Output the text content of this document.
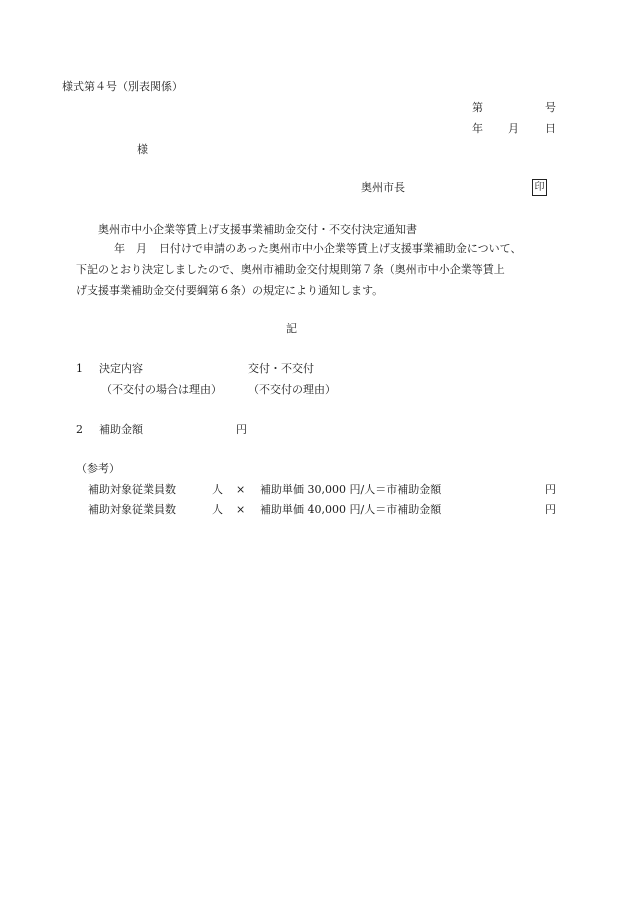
様式第４号（別表関係）
第	号
年 月 日
様
奥州市長	印
奥州市中小企業等賃上げ支援事業補助金交付・不交付決定通知書
年 月 日付けで申請のあった奥州市中小企業等賃上げ支援事業補助金について、
下記のとおり決定しましたので、奥州市補助金交付規則第７条（奥州市中小企業等賃上
げ支援事業補助金交付要綱第６条）の規定により通知します。
記
1 決定内容	交付・不交付
（不交付の場合は理由） （不交付の理由）
2 補助金額	円
（参考）
補助対象従業員数	人 × 補助単価 30,000 円/人＝市補助金額	円
補助対象従業員数	人 × 補助単価 40,000 円/人＝市補助金額	円
